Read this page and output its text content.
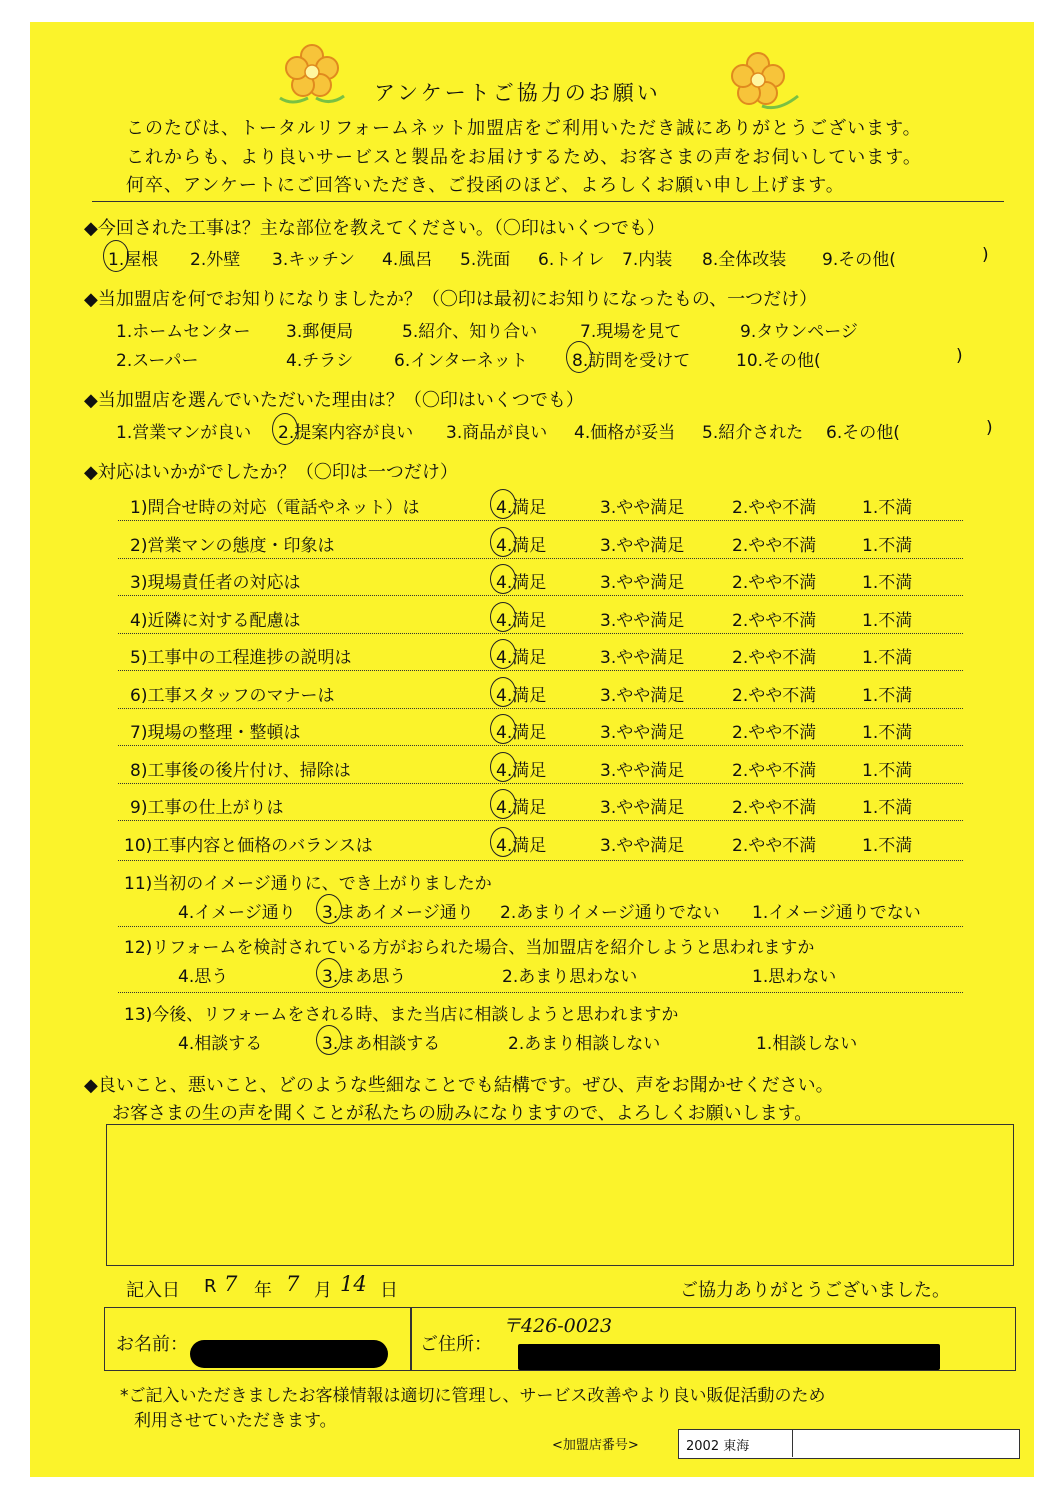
アンケートご協力のお願い
このたびは、トータルリフォームネット加盟店をご利用いただき誠にありがとうございます。
これからも、より良いサービスと製品をお届けするため、お客さまの声をお伺いしています。
何卒、アンケートにご回答いただき、ご投函のほど、よろしくお願い申し上げます。
◆今回された工事は？主な部位を教えてください。（〇印はいくつでも）
1.屋根 2.外壁 3.キッチン 4.風呂 5.洗面 6.トイレ 7.内装 8.全体改装 9.その他(	)
◆当加盟店を何でお知りになりましたか？（〇印は最初にお知りになったもの、一つだけ）
1.ホームセンター 3.郵便局	5.紹介、知り合い	7.現場を見て	9.タウンページ
2.スーパー	4.チラシ 6.インターネット	8.訪問を受けて	10.その他(	)
◆当加盟店を選んでいただいた理由は？（〇印はいくつでも）
1.営業マンが良い 2.提案内容が良い 3.商品が良い 4.価格が妥当 5.紹介された 6.その他(	)
◆対応はいかがでしたか？（〇印は一つだけ）
1)問合せ時の対応（電話やネット）は	4.満足	3.やや満足	2.やや不満	1.不満
2)営業マンの態度・印象は	4.満足	3.やや満足	2.やや不満	1.不満
3)現場責任者の対応は	4.満足	3.やや満足	2.やや不満	1.不満
4)近隣に対する配慮は	4.満足	3.やや満足	2.やや不満	1.不満
5)工事中の工程進捗の説明は	4.満足	3.やや満足	2.やや不満	1.不満
6)工事スタッフのマナーは	4.満足	3.やや満足	2.やや不満	1.不満
7)現場の整理・整頓は	4.満足	3.やや満足	2.やや不満	1.不満
8)工事後の後片付け、掃除は	4.満足	3.やや満足	2.やや不満	1.不満
9)工事の仕上がりは	4.満足	3.やや満足	2.やや不満	1.不満
10)工事内容と価格のバランスは	4.満足	3.やや満足	2.やや不満	1.不満
11)当初のイメージ通りに、でき上がりましたか
4.イメージ通り 3.まあイメージ通り 2.あまりイメージ通りでない 1.イメージ通りでない
12)リフォームを検討されている方がおられた場合、当加盟店を紹介しようと思われますか
4.思う	3.まあ思う	2.あまり思わない	1.思わない
13)今後、リフォームをされる時、また当店に相談しようと思われますか
4.相談する	3.まあ相談する	2.あまり相談しない	1.相談しない
◆良いこと、悪いこと、どのような些細なことでも結構です。ぜひ、声をお聞かせください。
お客さまの生の声を聞くことが私たちの励みになりますので、よろしくお願いします。
記入日 R 7 年 7 月 14 日	ご協力ありがとうございました。
お名前：	ご住所：
〒426-0023
*ご記入いただきましたお客様情報は適切に管理し、サービス改善やより良い販促活動のため
利用させていただきます。
<加盟店番号>	2002 東海
